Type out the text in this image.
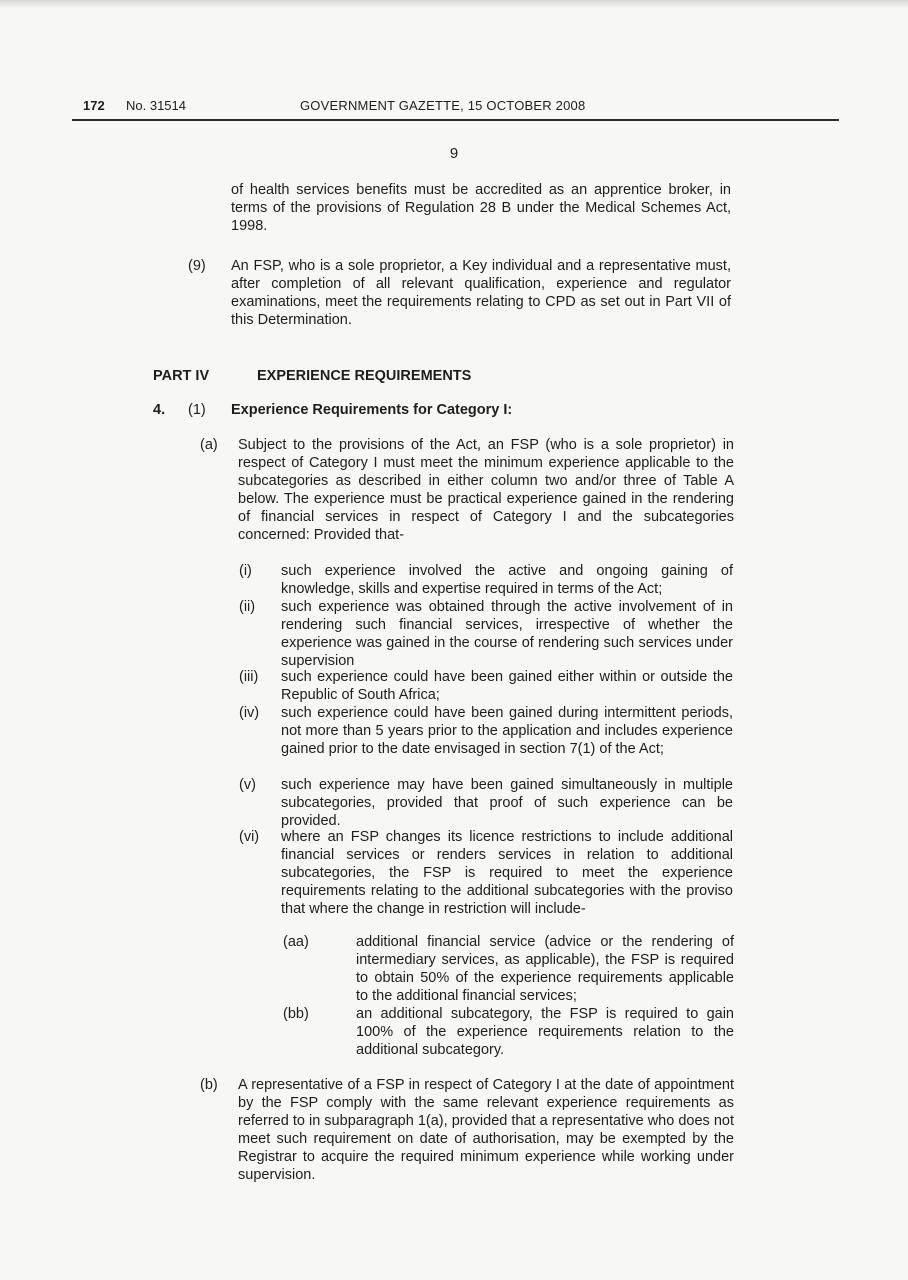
172 No. 31514	GOVERNMENT GAZETTE, 15 OCTOBER 2008
9

of health services benefits must be accredited as an apprentice broker, in terms of the provisions of Regulation 28 B under the Medical Schemes Act, 1998.

(9) An FSP, who is a sole proprietor, a Key individual and a representative must, after completion of all relevant qualification, experience and regulator examinations, meet the requirements relating to CPD as set out in Part VII of this Determination.

PART IV	EXPERIENCE REQUIREMENTS

4. (1) Experience Requirements for Category I:

(a) Subject to the provisions of the Act, an FSP (who is a sole proprietor) in respect of Category I must meet the minimum experience applicable to the subcategories as described in either column two and/or three of Table A below. The experience must be practical experience gained in the rendering of financial services in respect of Category I and the subcategories concerned: Provided that-

(i) such experience involved the active and ongoing gaining of knowledge, skills and expertise required in terms of the Act;

(ii) such experience was obtained through the active involvement of in rendering such financial services, irrespective of whether the experience was gained in the course of rendering such services under supervision

(iii) such experience could have been gained either within or outside the Republic of South Africa;

(iv) such experience could have been gained during intermittent periods, not more than 5 years prior to the application and includes experience gained prior to the date envisaged in section 7(1) of the Act;

(v) such experience may have been gained simultaneously in multiple subcategories, provided that proof of such experience can be provided.

(vi) where an FSP changes its licence restrictions to include additional financial services or renders services in relation to additional subcategories, the FSP is required to meet the experience requirements relating to the additional subcategories with the proviso that where the change in restriction will include-

(aa)	additional financial service (advice or the rendering of intermediary services, as applicable), the FSP is required to obtain 50% of the experience requirements applicable to the additional financial services;

(bb)	an additional subcategory, the FSP is required to gain 100% of the experience requirements relation to the additional subcategory.

(b) A representative of a FSP in respect of Category I at the date of appointment by the FSP comply with the same relevant experience requirements as referred to in subparagraph 1(a), provided that a representative who does not meet such requirement on date of authorisation, may be exempted by the Registrar to acquire the required minimum experience while working under supervision.
